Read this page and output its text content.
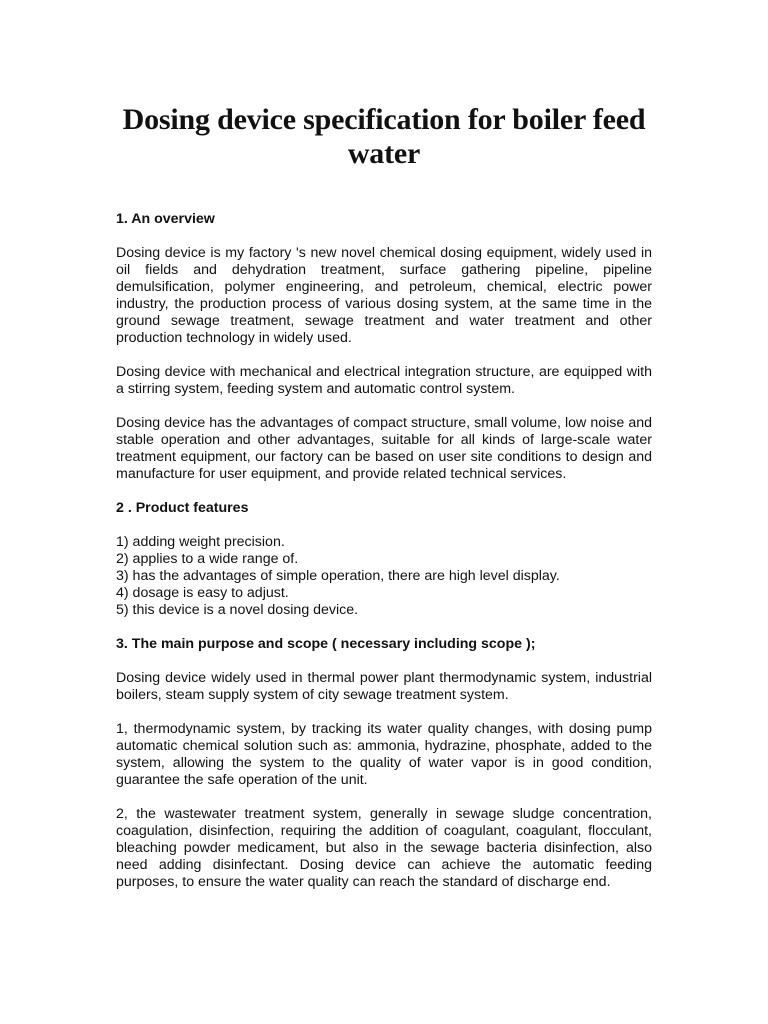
Dosing device specification for boiler feed water
1. An overview

Dosing device is my factory 's new novel chemical dosing equipment, widely used in oil fields and dehydration treatment, surface gathering pipeline, pipeline demulsification, polymer engineering, and petroleum, chemical, electric power industry, the production process of various dosing system, at the same time in the ground sewage treatment, sewage treatment and water treatment and other production technology in widely used.

Dosing device with mechanical and electrical integration structure, are equipped with a stirring system, feeding system and automatic control system.

Dosing device has the advantages of compact structure, small volume, low noise and stable operation and other advantages, suitable for all kinds of large-scale water treatment equipment, our factory can be based on user site conditions to design and manufacture for user equipment, and provide related technical services.

2 . Product features
1) adding weight precision.
2) applies to a wide range of.
3) has the advantages of simple operation, there are high level display.
4) dosage is easy to adjust.
5) this device is a novel dosing device.
3. The main purpose and scope ( necessary including scope );

Dosing device widely used in thermal power plant thermodynamic system, industrial boilers, steam supply system of city sewage treatment system.

1, thermodynamic system, by tracking its water quality changes, with dosing pump automatic chemical solution such as: ammonia, hydrazine, phosphate, added to the system, allowing the system to the quality of water vapor is in good condition, guarantee the safe operation of the unit.

2, the wastewater treatment system, generally in sewage sludge concentration, coagulation, disinfection, requiring the addition of coagulant, coagulant, flocculant, bleaching powder medicament, but also in the sewage bacteria disinfection, also need adding disinfectant. Dosing device can achieve the automatic feeding purposes, to ensure the water quality can reach the standard of discharge end.
